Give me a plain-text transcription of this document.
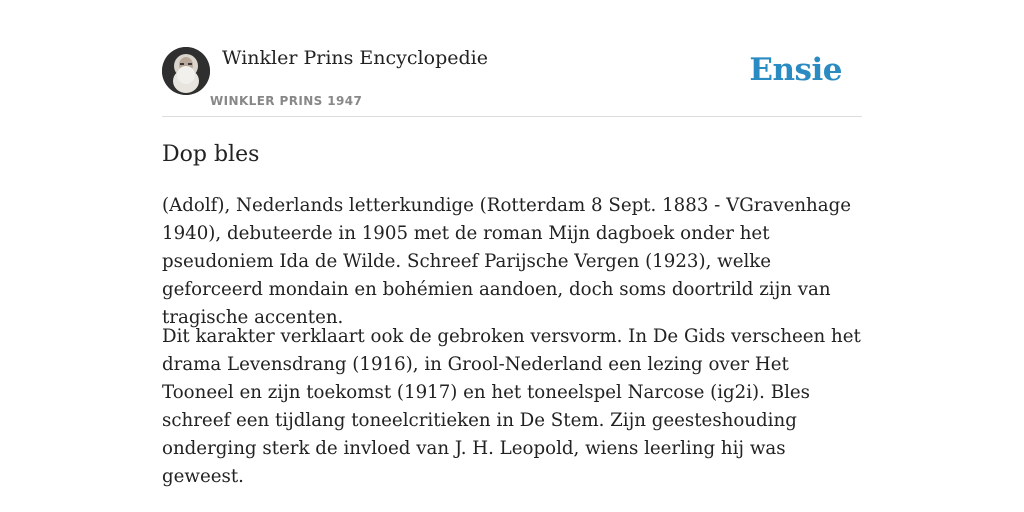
Winkler Prins Encyclopedie
WINKLER PRINS 1947
Ensie
Dop bles

(Adolf), Nederlands letterkundige (Rotterdam 8 Sept. 1883 - VGravenhage 1940), debuteerde in 1905 met de roman Mijn dagboek onder het pseudoniem Ida de Wilde. Schreef Parijsche Vergen (1923), welke geforceerd mondain en bohémien aandoen, doch soms doortrild zijn van tragische accenten.

Dit karakter verklaart ook de gebroken versvorm. In De Gids verscheen het drama Levensdrang (1916), in Grool-Nederland een lezing over Het Tooneel en zijn toekomst (1917) en het toneelspel Narcose (ig2i). Bles schreef een tijdlang toneelcritieken in De Stem. Zijn geesteshouding onderging sterk de invloed van J. H. Leopold, wiens leerling hij was geweest.
